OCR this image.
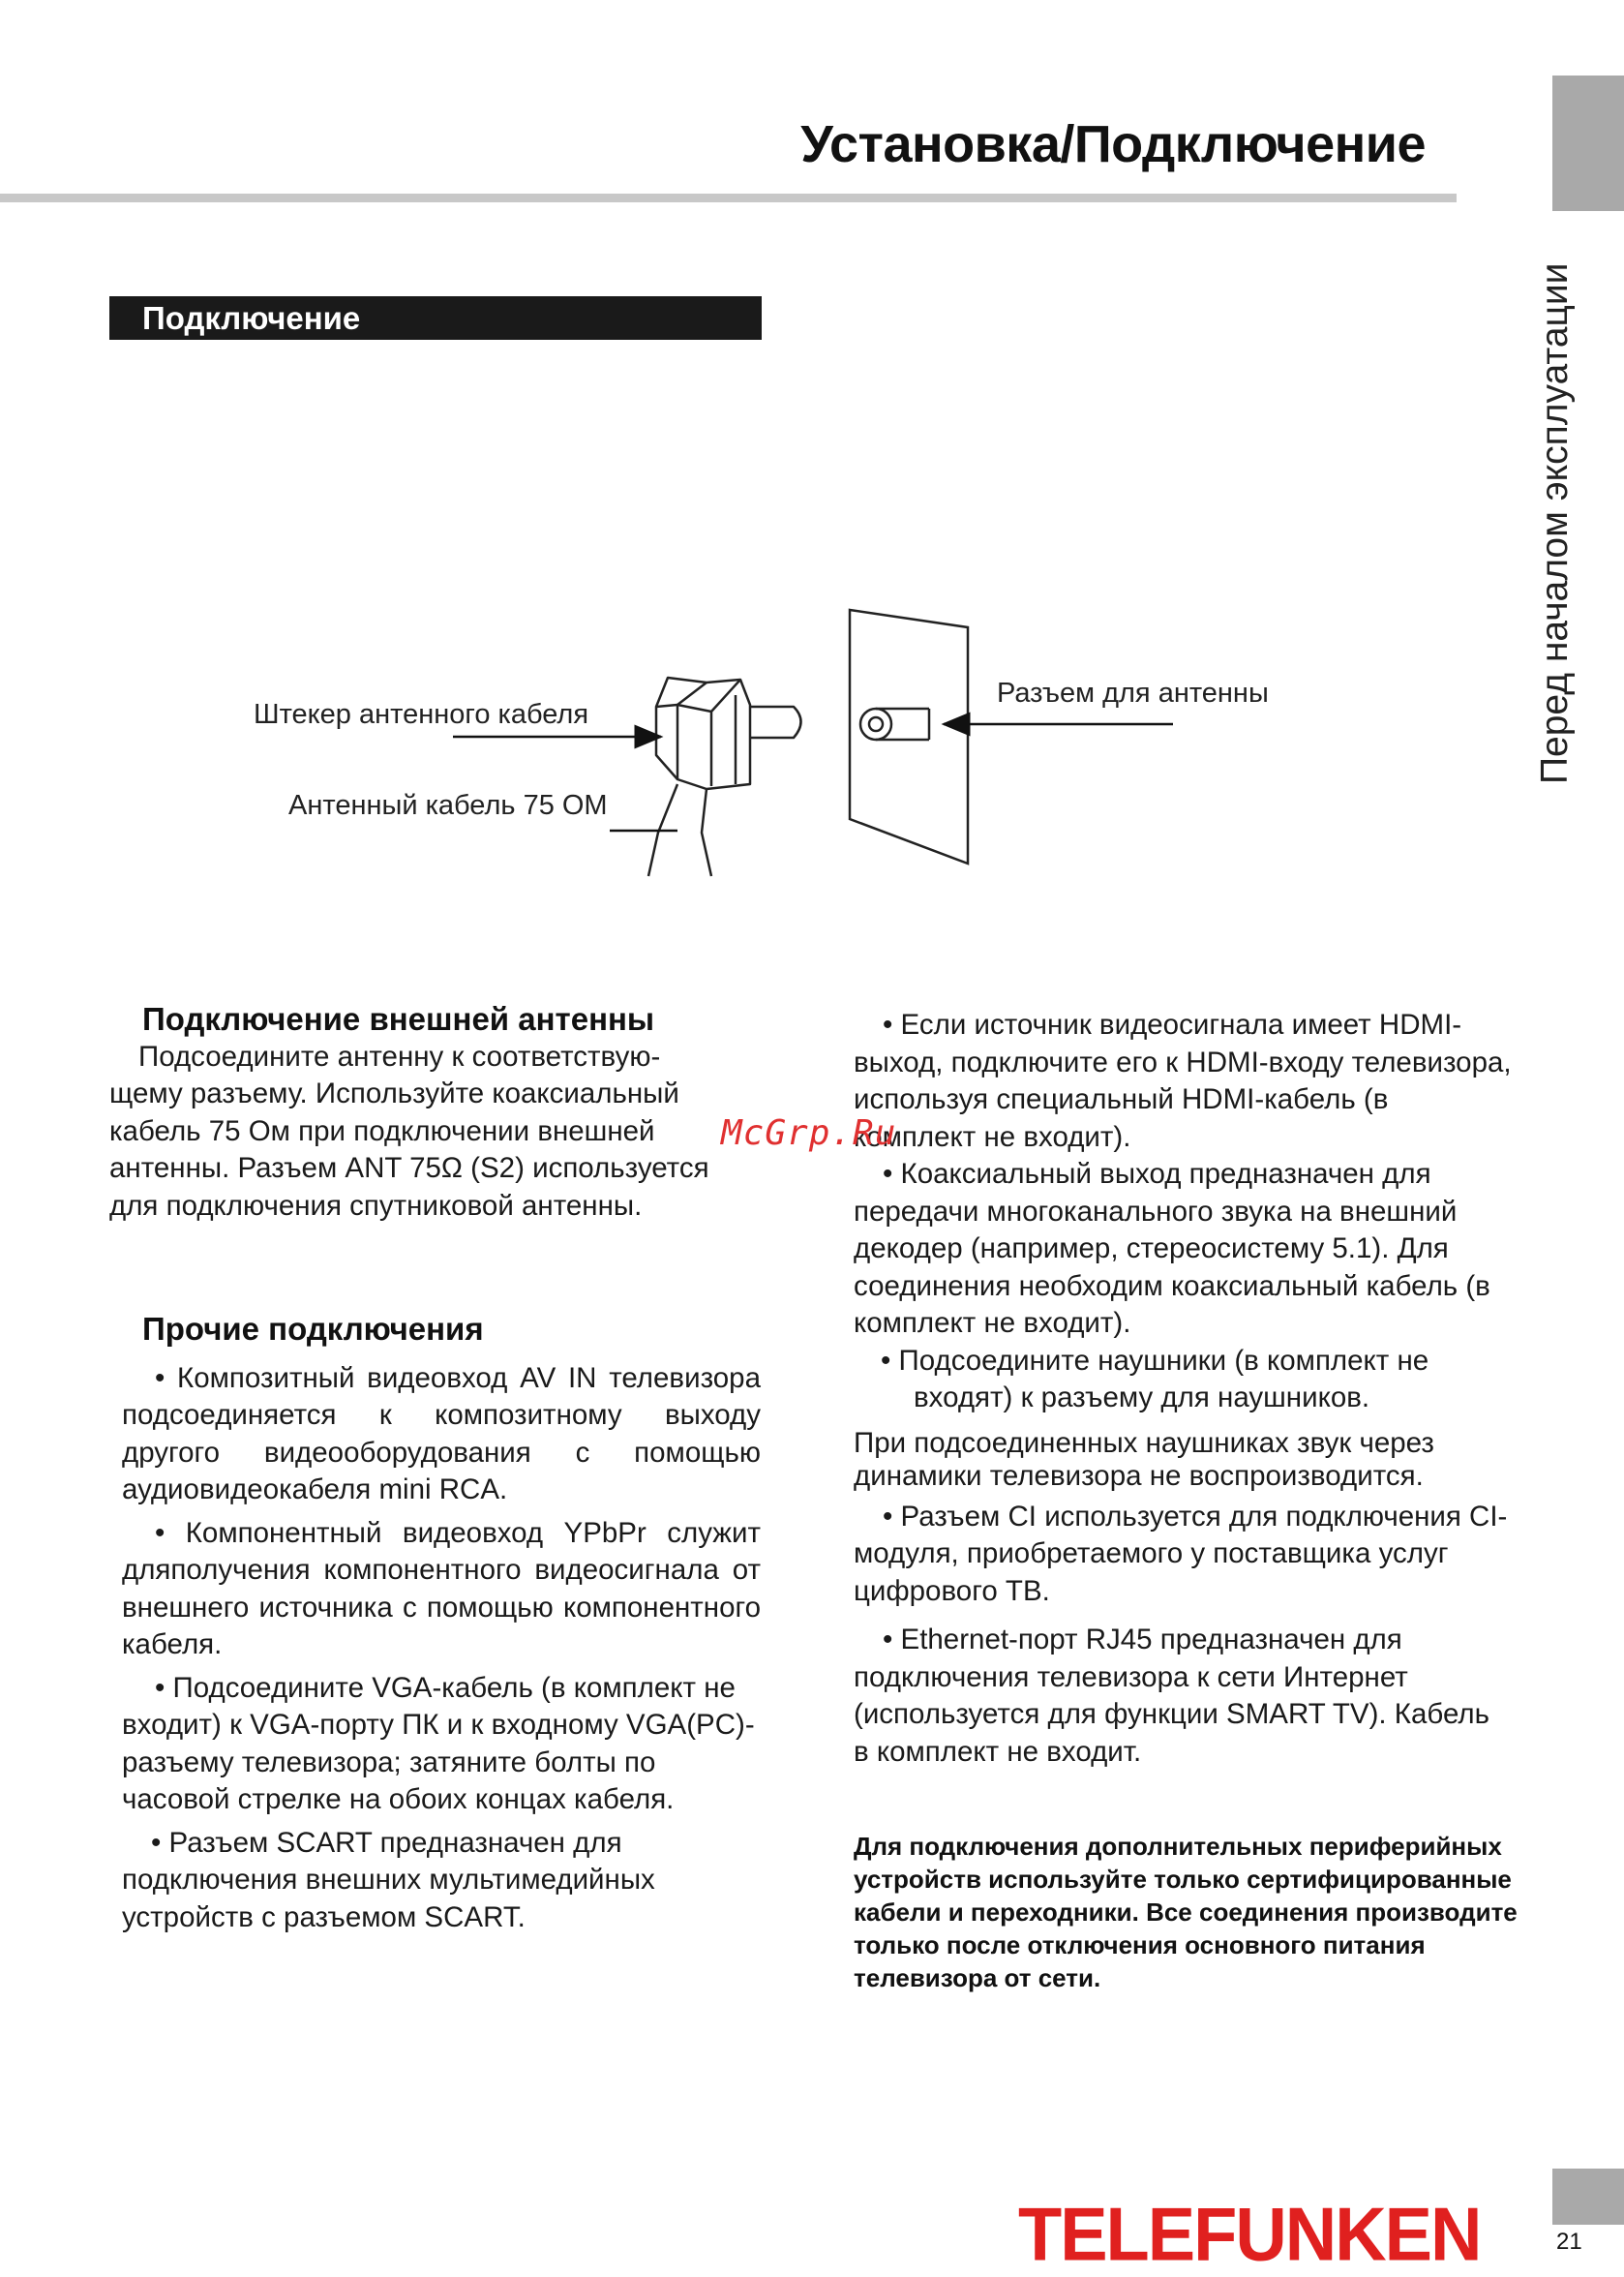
Установка/Подключение
Перед началом эксплуатации
Подключение
Штекер антенного кабеля
Антенный кабель 75 ОМ
Разъем для антенны

Подключение внешней антенны

Подсоедините антенну к соответствую-

щему разъему. Используйте коаксиальный кабель 75 Ом при подключении внешней антенны. Разъем ANT 75Ω (S2) используется для подключения спутниковой антенны.

Прочие подключения

• Композитный видеовход AV IN телевизора подсоединяется к композитному выходу другого видеооборудования с помощью аудиовидеокабеля mini RCA.

• Компонентный видеовход YPbPr служит дляполучения компонентного видеосигнала от внешнего источника с помощью компонентного кабеля.

• Подсоедините VGA-кабель (в комплект не входит) к VGA-порту ПК и к входному VGA(PC)-разъему телевизора; затяните болты по часовой стрелке на обоих концах кабеля.

• Разъем SCART предназначен для подключения внешних мультимедийных устройств с разъемом SCART.

• Если источник видеосигнала имеет HDMI-выход, подключите его к HDMI-входу телевизора, используя специальный HDMI-кабель (в комплект не входит).

• Коаксиальный выход предназначен для передачи многоканального звука на внешний декодер (например, стереосистему 5.1). Для соединения необходим коаксиальный кабель (в комплект не входит).

• Подсоедините наушники (в комплект не входят) к разъему для наушников.

При подсоединенных наушниках звук через динамики телевизора не воспроизводится.

• Разъем CI используется для подключения CI-модуля, приобретаемого у поставщика услуг цифрового ТВ.

• Ethernet-порт RJ45 предназначен для подключения телевизора к сети Интернет (используется для функции SMART TV). Кабель в комплект не входит.

Для подключения дополнительных периферийных устройств используйте только сертифицированные кабели и переходники. Все соединения производите только после отключения основного питания телевизора от сети.
McGrp.Ru
TELEFUNKEN	21
